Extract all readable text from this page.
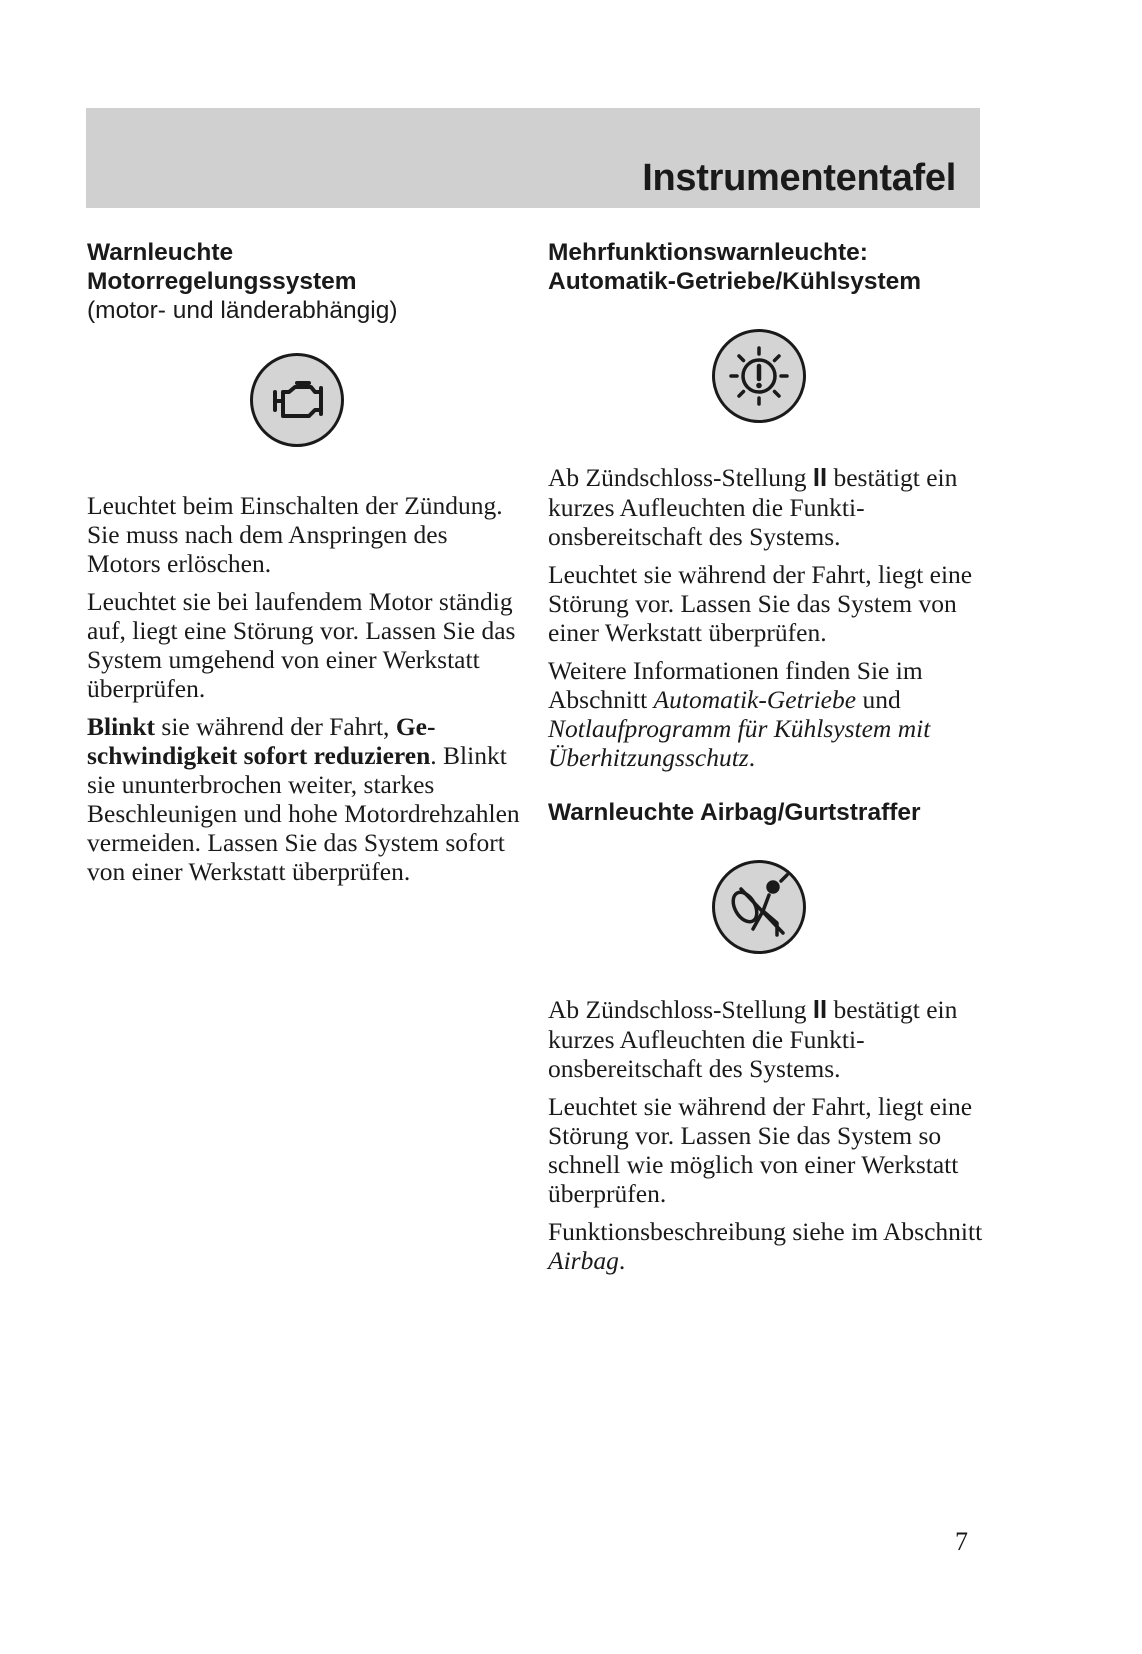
Instrumententafel

Warnleuchte

Motorregelungssystem

(motor- und länderabhängig)

Leuchtet beim Einschalten der Zündung. Sie muss nach dem Anspringen des Motors erlöschen.

Leuchtet sie bei laufendem Motor ständig auf, liegt eine Störung vor. Lassen Sie das System umgehend von einer Werkstatt überprüfen.

Blinkt sie während der Fahrt, Geschwindigkeit sofort reduzieren. Blinkt sie ununterbrochen weiter, starkes Beschleunigen und hohe Motordrehzahlen vermeiden. Lassen Sie das System sofort von einer Werkstatt überprüfen.

Mehrfunktionswarnleuchte:

Automatik-Getriebe/Kühlsystem

Ab Zündschloss-Stellung II bestätigt ein kurzes Aufleuchten die Funktionsbereitschaft des Systems.

Leuchtet sie während der Fahrt, liegt eine Störung vor. Lassen Sie das System von einer Werkstatt überprüfen.

Weitere Informationen finden Sie im Abschnitt Automatik-Getriebe und Notlaufprogramm für Kühlsystem mit Überhitzungsschutz.

Warnleuchte Airbag/Gurtstraffer

Ab Zündschloss-Stellung II bestätigt ein kurzes Aufleuchten die Funktionsbereitschaft des Systems.

Leuchtet sie während der Fahrt, liegt eine Störung vor. Lassen Sie das System so schnell wie möglich von einer Werkstatt überprüfen.

Funktionsbeschreibung siehe im Abschnitt Airbag.

7
